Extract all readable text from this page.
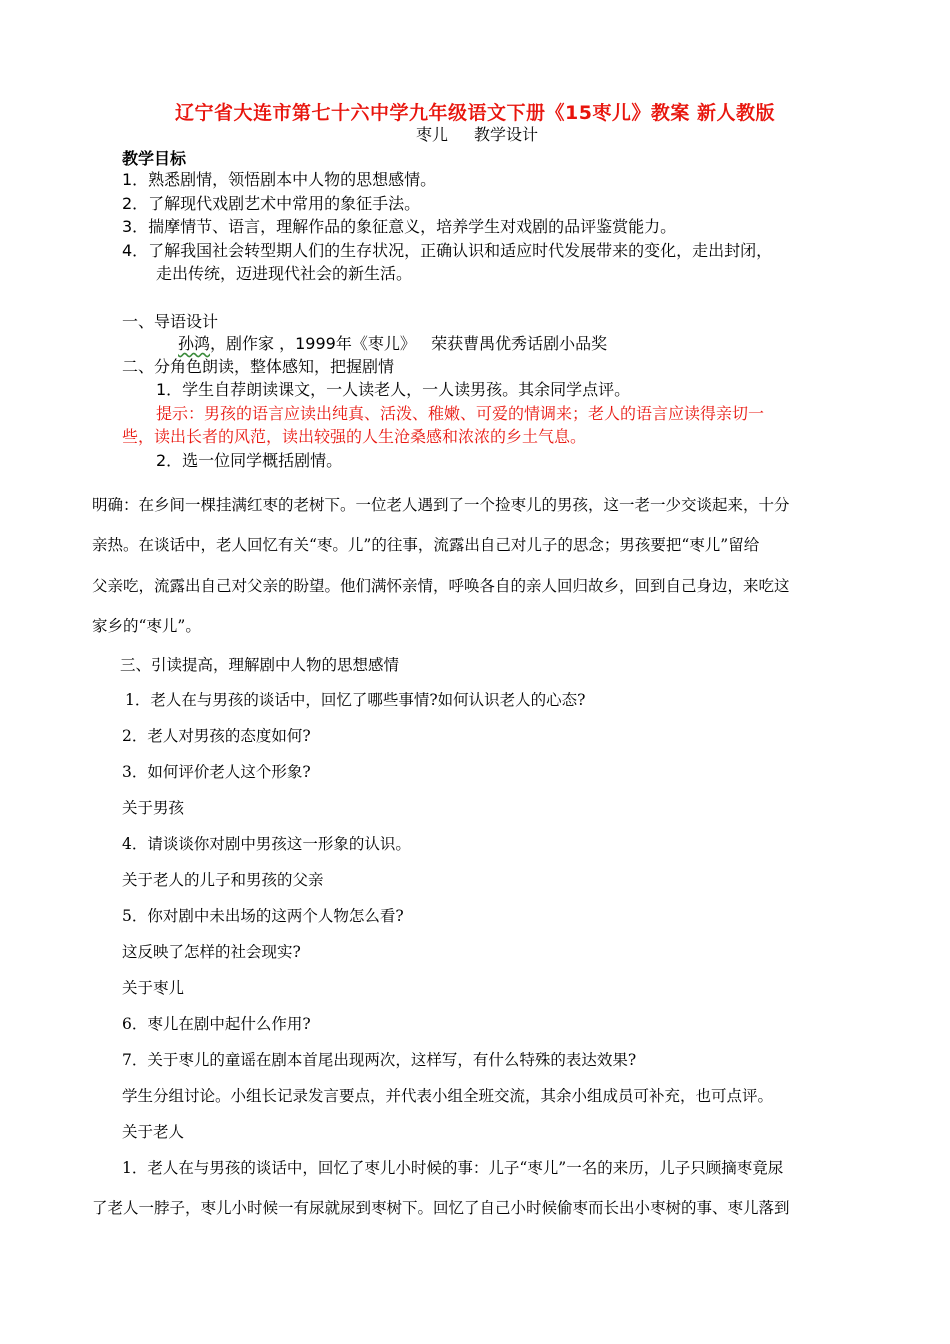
辽宁省大连市第七十六中学九年级语文下册《15枣儿》教案 新人教版
枣儿 教学设计
教学目标
1．熟悉剧情，领悟剧本中人物的思想感情。
2．了解现代戏剧艺术中常用的象征手法。
3．揣摩情节、语言，理解作品的象征意义，培养学生对戏剧的品评鉴赏能力。
4．了解我国社会转型期人们的生存状况，正确认识和适应时代发展带来的变化，走出封闭，
走出传统，迈进现代社会的新生活。
一、导语设计
孙鸿，剧作家 ，1999年《枣儿》   荣获曹禺优秀话剧小品奖
二、分角色朗读，整体感知，把握剧情
1．学生自荐朗读课文，一人读老人，一人读男孩。其余同学点评。
提示：男孩的语言应读出纯真、活泼、稚嫩、可爱的情调来；老人的语言应读得亲切一
些，读出长者的风范，读出较强的人生沧桑感和浓浓的乡土气息。
2．选一位同学概括剧情。
明确：在乡间一棵挂满红枣的老树下。一位老人遇到了一个捡枣儿的男孩，这一老一少交谈起来，十分
亲热。在谈话中，老人回忆有关“枣。儿”的往事，流露出自己对儿子的思念；男孩要把“枣儿”留给
父亲吃，流露出自己对父亲的盼望。他们满怀亲情，呼唤各自的亲人回归故乡，回到自己身边，来吃这
家乡的“枣儿”。
三、引读提高，理解剧中人物的思想感情
1．老人在与男孩的谈话中，回忆了哪些事情?如何认识老人的心态?
2．老人对男孩的态度如何?
3．如何评价老人这个形象?
关于男孩
4．请谈谈你对剧中男孩这一形象的认识。
关于老人的儿子和男孩的父亲
5．你对剧中未出场的这两个人物怎么看?
这反映了怎样的社会现实?
关于枣儿
6．枣儿在剧中起什么作用?
7．关于枣儿的童谣在剧本首尾出现两次，这样写，有什么特殊的表达效果?
学生分组讨论。小组长记录发言要点，并代表小组全班交流，其余小组成员可补充，也可点评。
关于老人
1．老人在与男孩的谈话中，回忆了枣儿小时候的事：儿子“枣儿”一名的来历，儿子只顾摘枣竟尿
了老人一脖子，枣儿小时候一有尿就尿到枣树下。回忆了自己小时候偷枣而长出小枣树的事、枣儿落到
